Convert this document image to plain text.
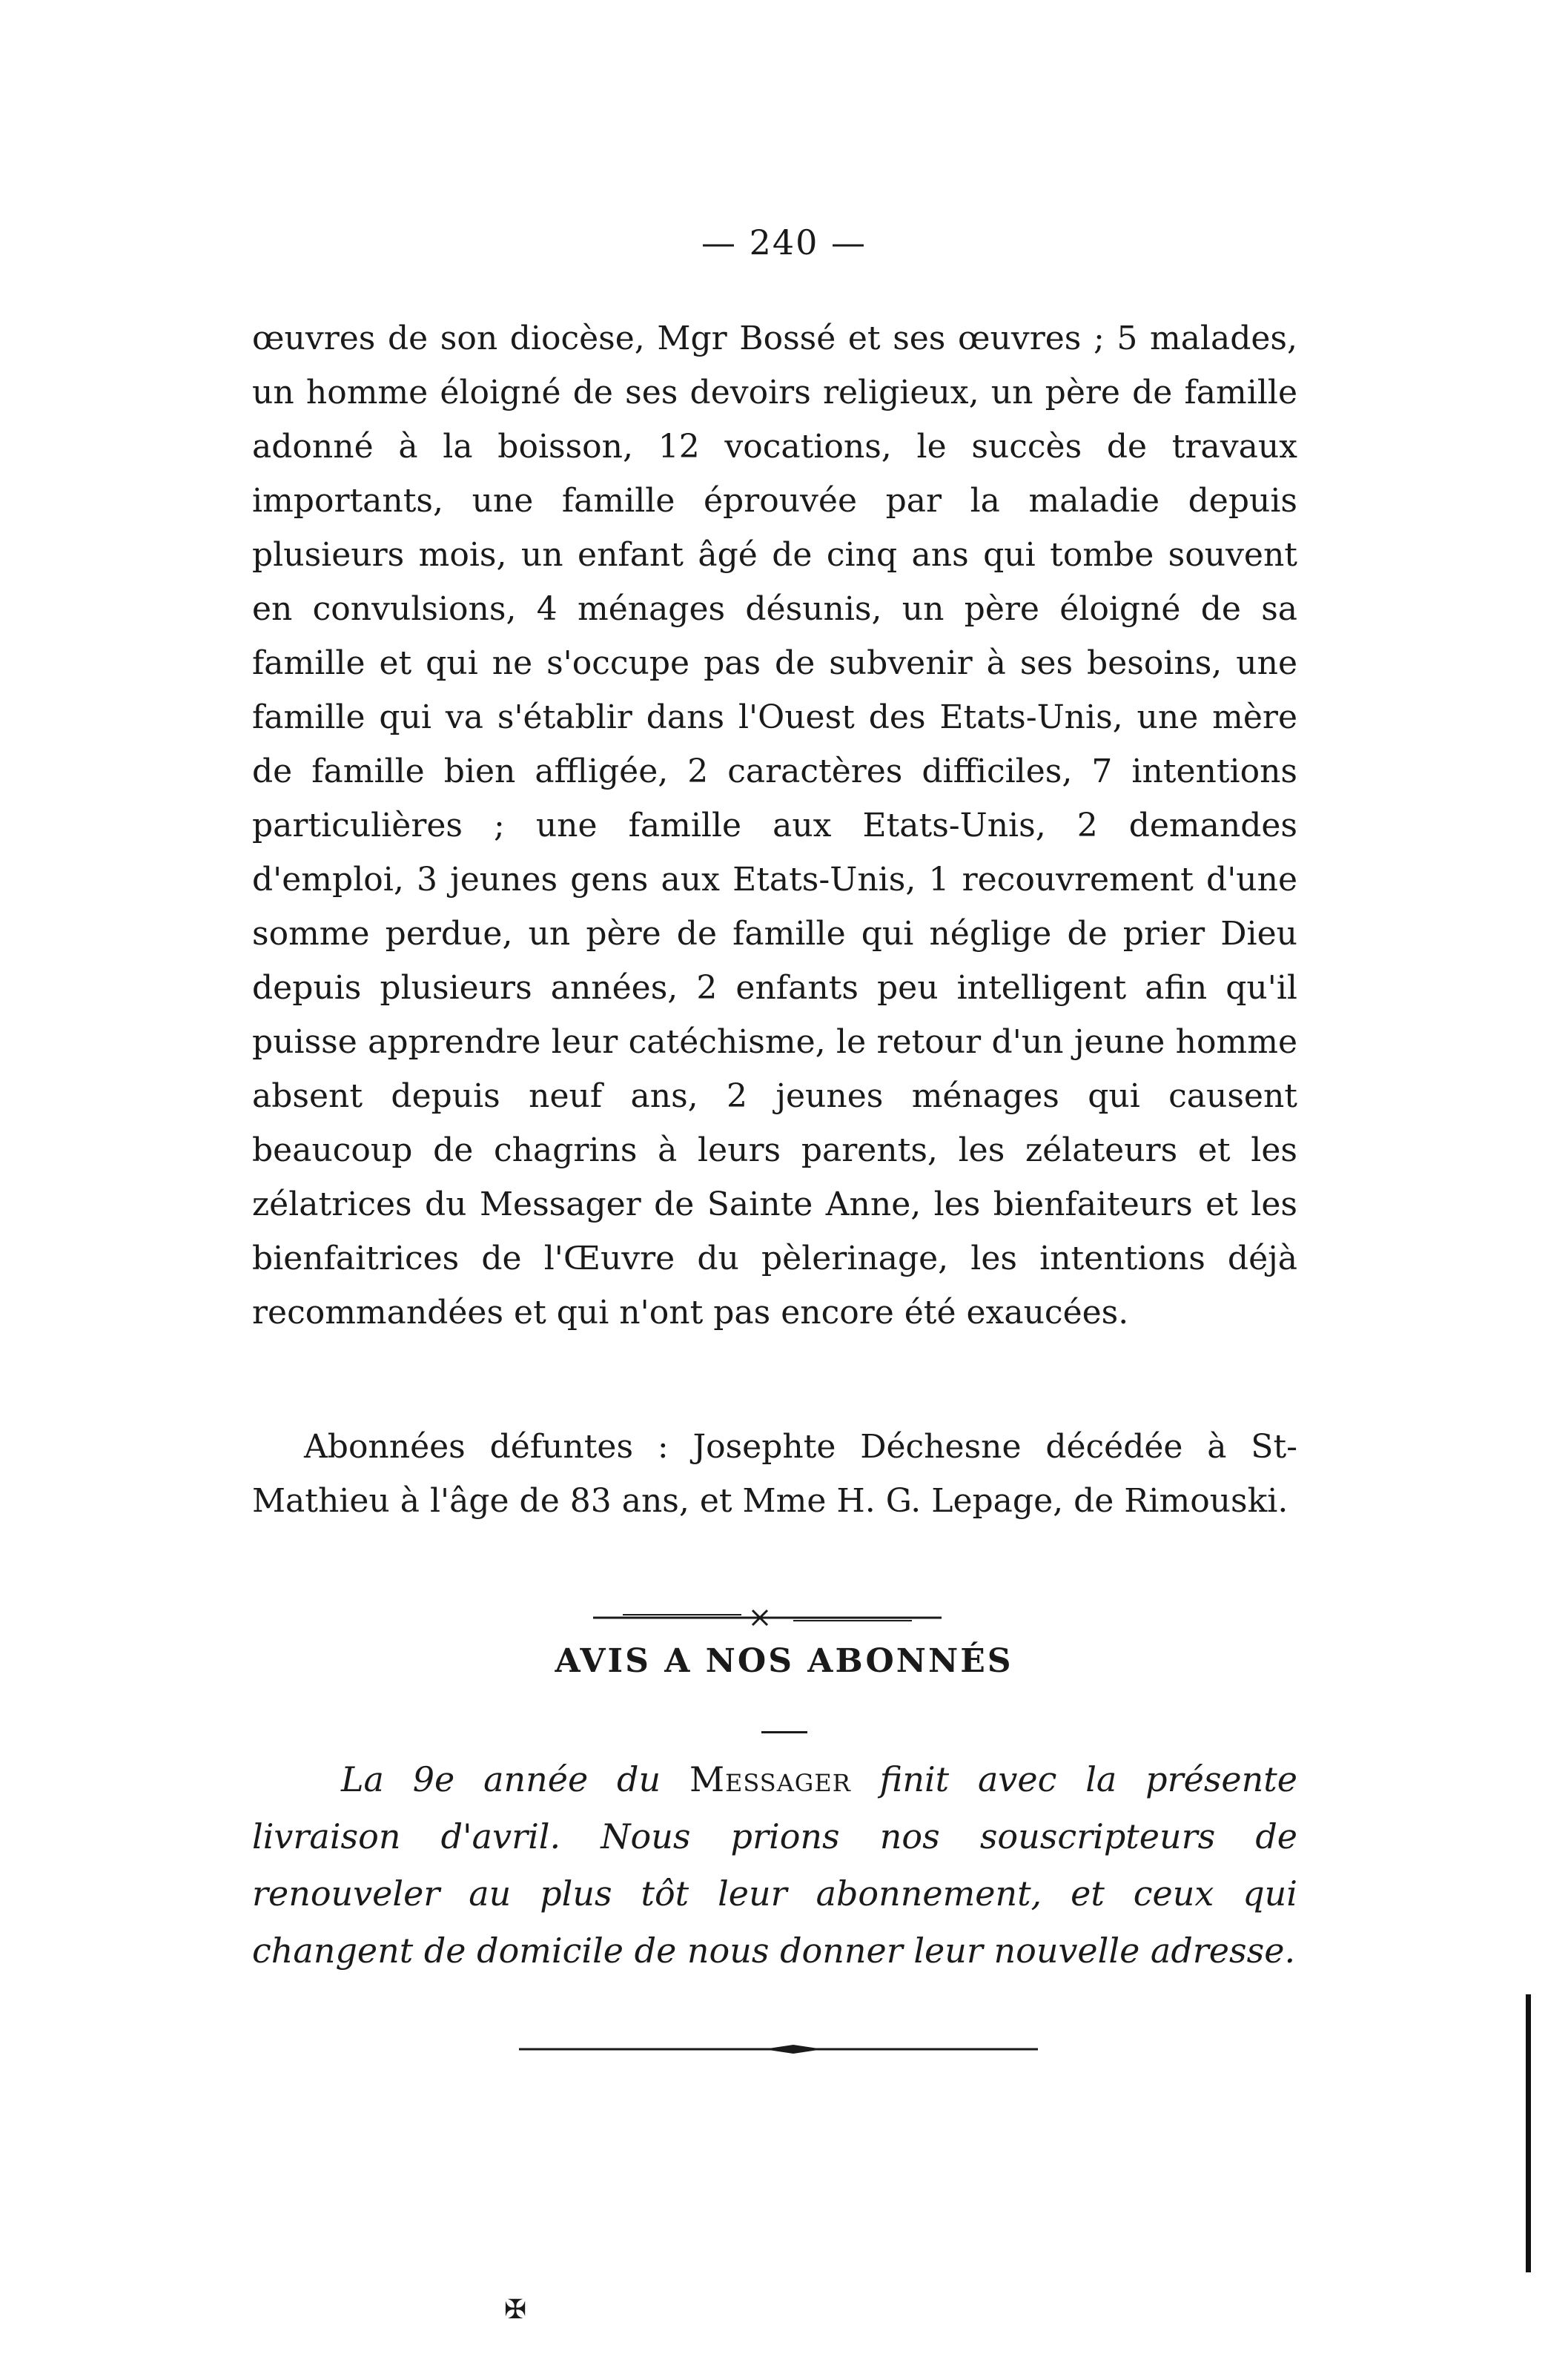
— 240 —

œuvres de son diocèse, Mgr Bossé et ses œuvres ; 5 malades, un homme éloigné de ses devoirs religieux, un père de famille adonné à la boisson, 12 vocations, le succès de travaux importants, une famille éprouvée par la maladie depuis plusieurs mois, un enfant âgé de cinq ans qui tombe souvent en convulsions, 4 ménages désunis, un père éloigné de sa famille et qui ne s'occupe pas de subvenir à ses besoins, une famille qui va s'établir dans l'Ouest des Etats-Unis, une mère de famille bien affligée, 2 caractères difficiles, 7 intentions particulières ; une famille aux Etats-Unis, 2 demandes d'emploi, 3 jeunes gens aux Etats-Unis, 1 recouvrement d'une somme perdue, un père de famille qui néglige de prier Dieu depuis plusieurs années, 2 enfants peu intelligent afin qu'il puisse apprendre leur catéchisme, le retour d'un jeune homme absent depuis neuf ans, 2 jeunes ménages qui causent beaucoup de chagrins à leurs parents, les zélateurs et les zélatrices du Messager de Sainte Anne, les bienfaiteurs et les bienfaitrices de l'Œuvre du pèlerinage, les intentions déjà recommandées et qui n'ont pas encore été exaucées.

Abonnées défuntes : Josephte Déchesne décédée à St-Mathieu à l'âge de 83 ans, et Mme H. G. Lepage, de Rimouski.

AVIS A NOS ABONNÉS

La 9e année du Messager finit avec la présente livraison d'avril. Nous prions nos souscripteurs de renouveler au plus tôt leur abonnement, et ceux qui changent de domicile de nous donner leur nouvelle adresse.

✠
